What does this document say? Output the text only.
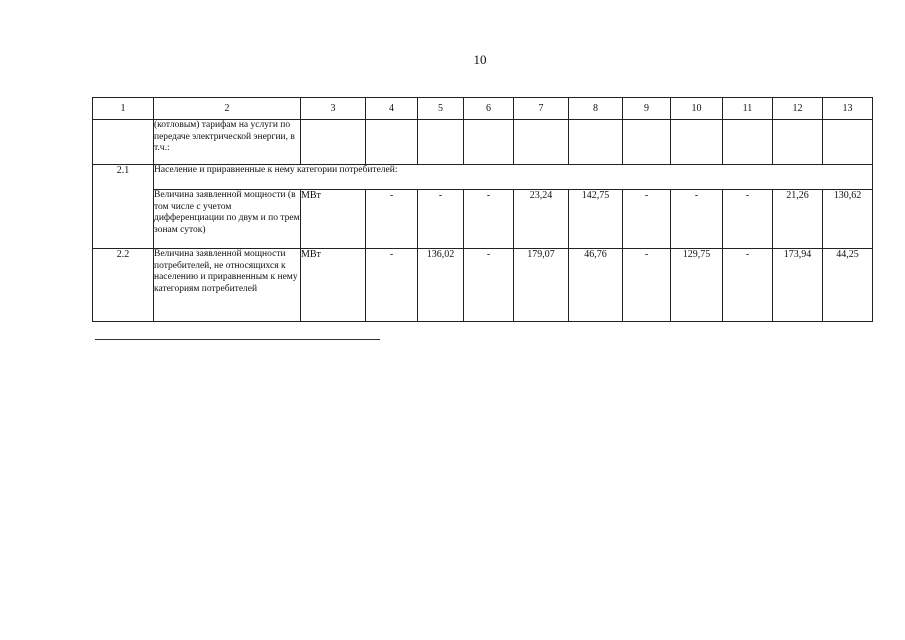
10
1	2	3	4	5	6	7	8	9	10	11	12	13
	(котловым) тарифам на услуги по передаче электрической энергии, в т.ч.:											
2.1	Население и приравненные к нему категории потребителей:											
	Величина заявленной мощности (в том числе с учетом дифференциации по двум и по трем зонам суток)	МВт	-	-	-	23,24	142,75	-	-	-	21,26	130,62
2.2	Величина заявленной мощности потребителей, не относящихся к населению и приравненным к нему категориям потребителей	МВт	-	136,02	-	179,07	46,76	-	129,75	-	173,94	44,25
